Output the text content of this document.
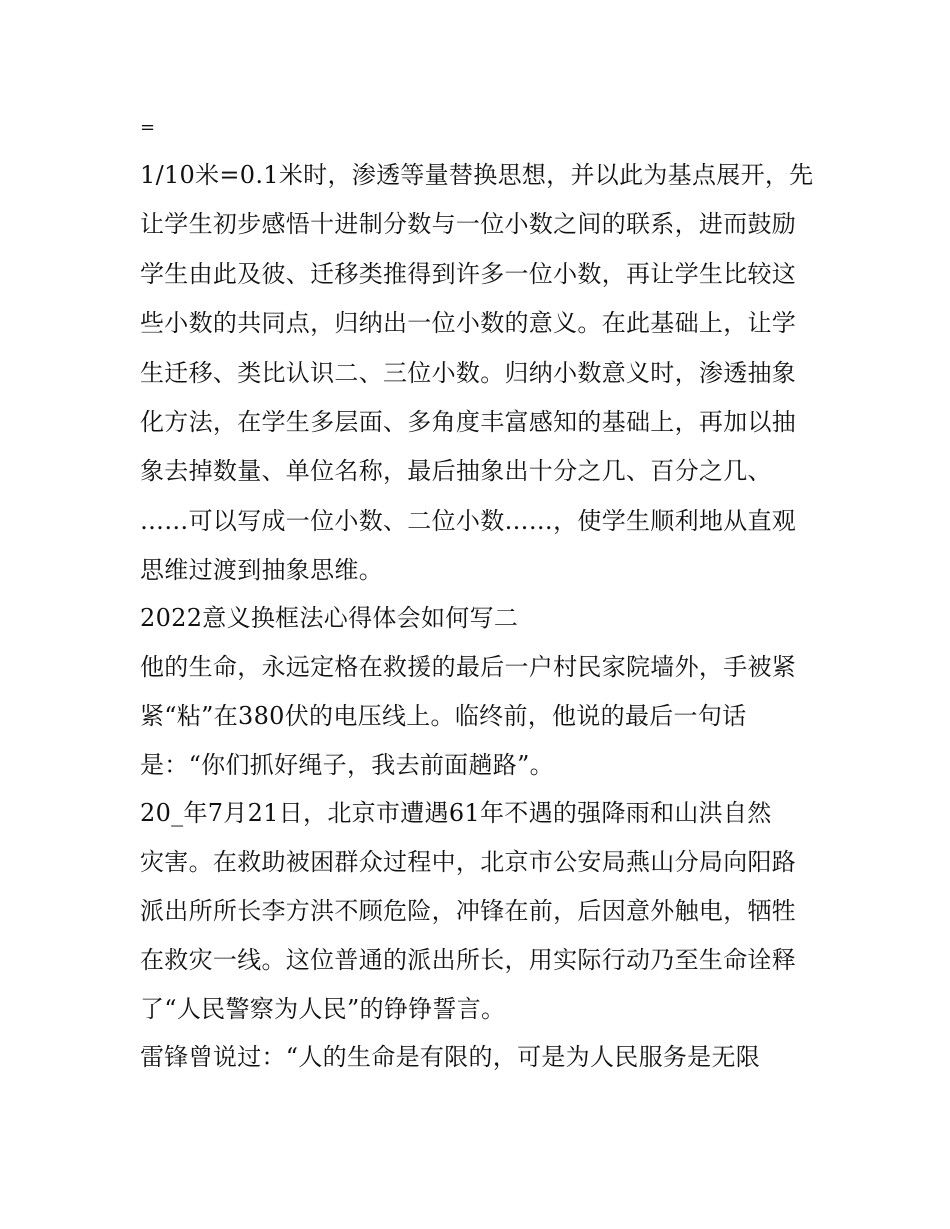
=
1/10米=0.1米时，渗透等量替换思想，并以此为基点展开，先
让学生初步感悟十进制分数与一位小数之间的联系，进而鼓励
学生由此及彼、迁移类推得到许多一位小数，再让学生比较这
些小数的共同点，归纳出一位小数的意义。在此基础上，让学
生迁移、类比认识二、三位小数。归纳小数意义时，渗透抽象
化方法，在学生多层面、多角度丰富感知的基础上，再加以抽
象去掉数量、单位名称，最后抽象出十分之几、百分之几、
……可以写成一位小数、二位小数……，使学生顺利地从直观
思维过渡到抽象思维。
2022意义换框法心得体会如何写二
他的生命，永远定格在救援的最后一户村民家院墙外，手被紧
紧“粘”在380伏的电压线上。临终前，他说的最后一句话
是：“你们抓好绳子，我去前面趟路”。
20_年7月21日，北京市遭遇61年不遇的强降雨和山洪自然
灾害。在救助被困群众过程中，北京市公安局燕山分局向阳路
派出所所长李方洪不顾危险，冲锋在前，后因意外触电，牺牲
在救灾一线。这位普通的派出所长，用实际行动乃至生命诠释
了“人民警察为人民”的铮铮誓言。
雷锋曾说过：“人的生命是有限的，可是为人民服务是无限
